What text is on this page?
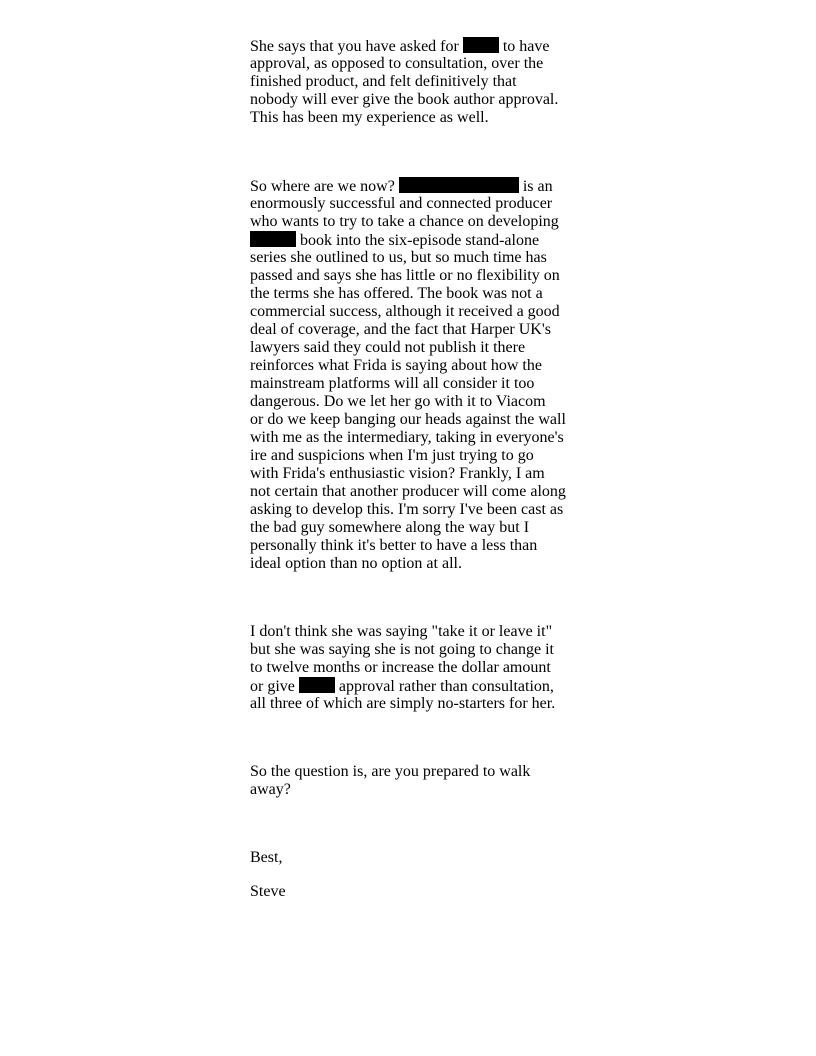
She says that you have asked for  to have
approval, as opposed to consultation, over the
finished product, and felt definitively that
nobody will ever give the book author approval.
This has been my experience as well.

So where are we now?	is an
enormously successful and connected producer
who wants to try to take a chance on developing
book into the six-episode stand-alone
series she outlined to us, but so much time has
passed and says she has little or no flexibility on
the terms she has offered. The book was not a
commercial success, although it received a good
deal of coverage, and the fact that Harper UK's
lawyers said they could not publish it there
reinforces what Frida is saying about how the
mainstream platforms will all consider it too
dangerous. Do we let her go with it to Viacom
or do we keep banging our heads against the wall
with me as the intermediary, taking in everyone's
ire and suspicions when I'm just trying to go
with Frida's enthusiastic vision? Frankly, I am
not certain that another producer will come along
asking to develop this. I'm sorry I've been cast as
the bad guy somewhere along the way but I
personally think it's better to have a less than
ideal option than no option at all.

I don't think she was saying "take it or leave it"
but she was saying she is not going to change it
to twelve months or increase the dollar amount
or give  approval rather than consultation,
all three of which are simply no-starters for her.

So the question is, are you prepared to walk
away?

Best,

Steve
